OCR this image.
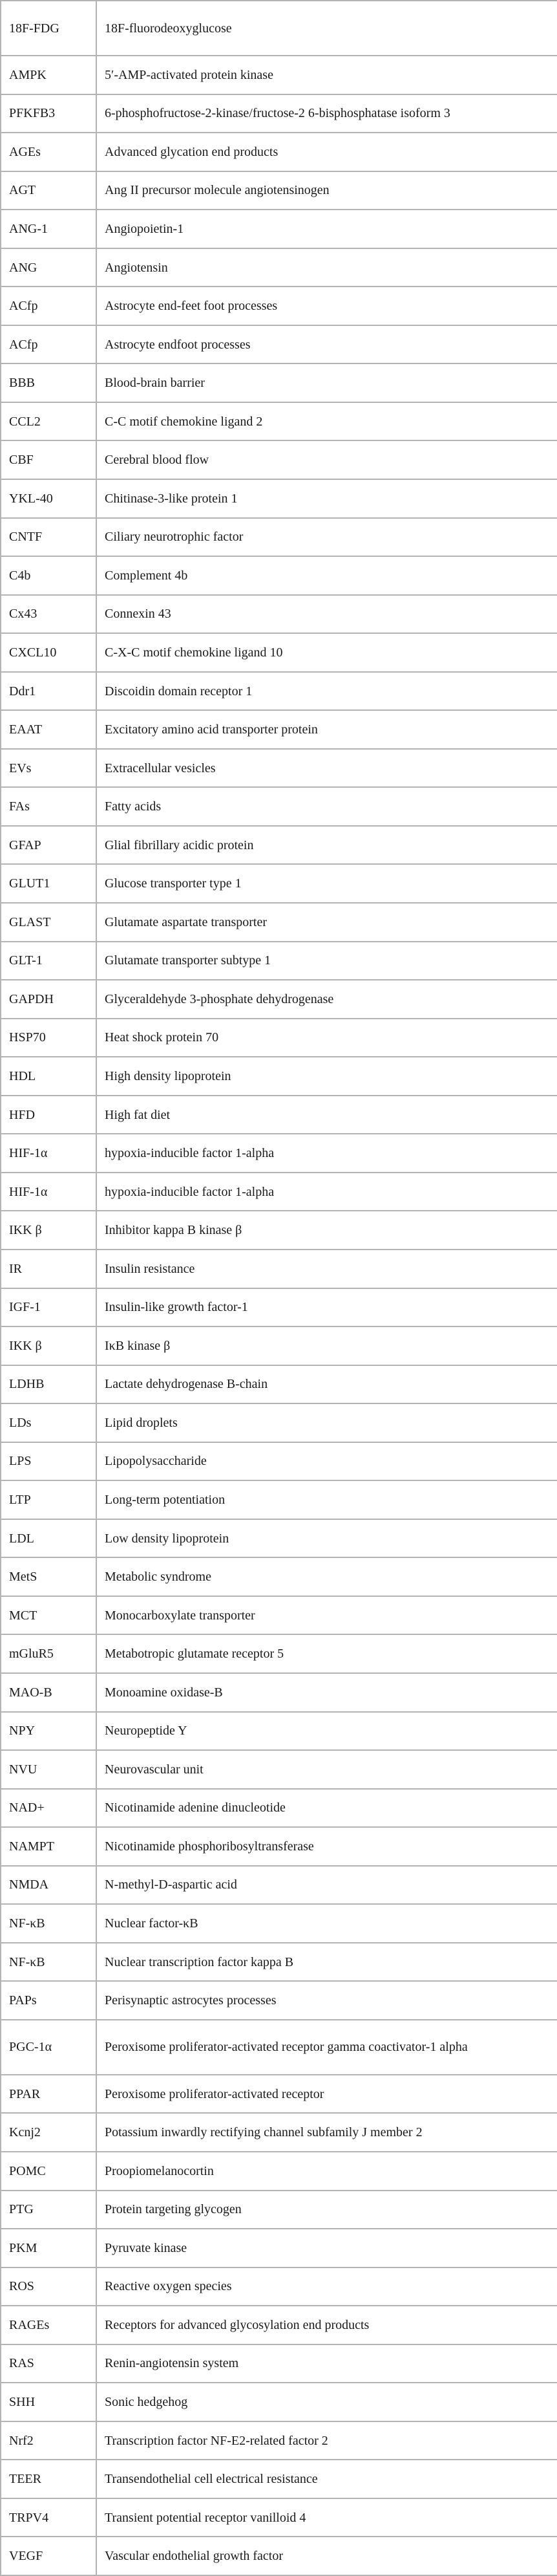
18F-FDG	18F-fluorodeoxyglucose
AMPK	5′-AMP-activated protein kinase
PFKFB3	6-phosphofructose-2-kinase/fructose-2 6-bisphosphatase isoform 3
AGEs	Advanced glycation end products
AGT	Ang II precursor molecule angiotensinogen
ANG-1	Angiopoietin-1
ANG	Angiotensin
ACfp	Astrocyte end-feet foot processes
ACfp	Astrocyte endfoot processes
BBB	Blood-brain barrier
CCL2	C-C motif chemokine ligand 2
CBF	Cerebral blood flow
YKL-40	Chitinase-3-like protein 1
CNTF	Ciliary neurotrophic factor
C4b	Complement 4b
Cx43	Connexin 43
CXCL10	C-X-C motif chemokine ligand 10
Ddr1	Discoidin domain receptor 1
EAAT	Excitatory amino acid transporter protein
EVs	Extracellular vesicles
FAs	Fatty acids
GFAP	Glial fibrillary acidic protein
GLUT1	Glucose transporter type 1
GLAST	Glutamate aspartate transporter
GLT-1	Glutamate transporter subtype 1
GAPDH	Glyceraldehyde 3-phosphate dehydrogenase
HSP70	Heat shock protein 70
HDL	High density lipoprotein
HFD	High fat diet
HIF-1α	hypoxia-inducible factor 1-alpha
HIF-1α	hypoxia-inducible factor 1-alpha
IKK β	Inhibitor kappa B kinase β
IR	Insulin resistance
IGF-1	Insulin-like growth factor-1
IKK β	IκB kinase β
LDHB	Lactate dehydrogenase B-chain
LDs	Lipid droplets
LPS	Lipopolysaccharide
LTP	Long-term potentiation
LDL	Low density lipoprotein
MetS	Metabolic syndrome
MCT	Monocarboxylate transporter
mGluR5	Metabotropic glutamate receptor 5
MAO-B	Monoamine oxidase-B
NPY	Neuropeptide Y
NVU	Neurovascular unit
NAD+	Nicotinamide adenine dinucleotide
NAMPT	Nicotinamide phosphoribosyltransferase
NMDA	N-methyl-D-aspartic acid
NF-κB	Nuclear factor-κB
NF-κB	Nuclear transcription factor kappa B
PAPs	Perisynaptic astrocytes processes
PGC-1α	Peroxisome proliferator-activated receptor gamma coactivator-1 alpha
PPAR	Peroxisome proliferator-activated receptor
Kcnj2	Potassium inwardly rectifying channel subfamily J member 2
POMC	Proopiomelanocortin
PTG	Protein targeting glycogen
PKM	Pyruvate kinase
ROS	Reactive oxygen species
RAGEs	Receptors for advanced glycosylation end products
RAS	Renin-angiotensin system
SHH	Sonic hedgehog
Nrf2	Transcription factor NF-E2-related factor 2
TEER	Transendothelial cell electrical resistance
TRPV4	Transient potential receptor vanilloid 4
VEGF	Vascular endothelial growth factor
